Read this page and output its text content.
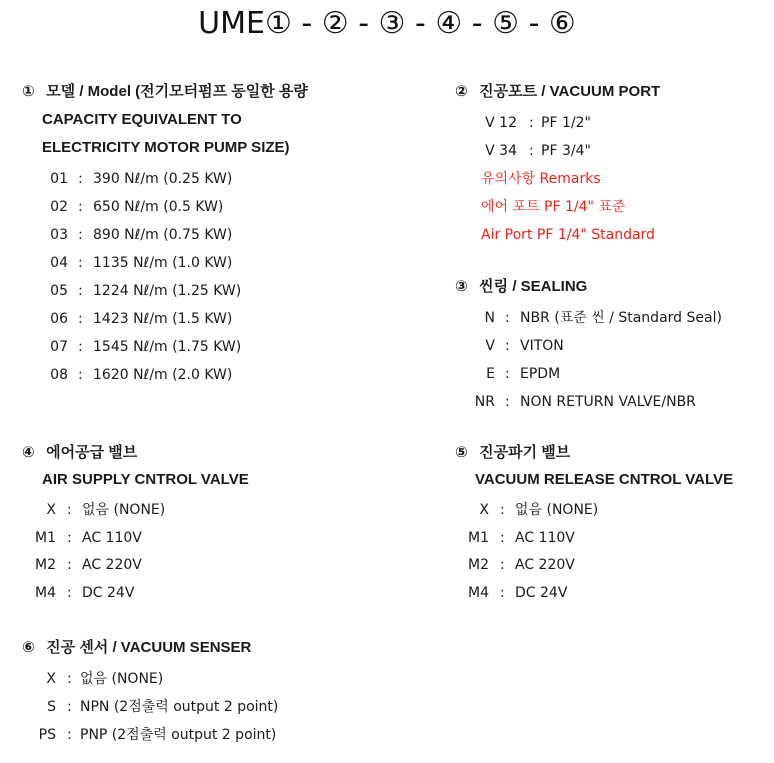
UME① - ② - ③ - ④ - ⑤ - ⑥
① 모델 / Model (전기모터펌프 동일한 용량
CAPACITY EQUIVALENT TO
ELECTRICITY MOTOR PUMP SIZE)
01 : 390 Nℓ/m (0.25 KW)
02 : 650 Nℓ/m (0.5 KW)
03 : 890 Nℓ/m (0.75 KW)
04 : 1135 Nℓ/m (1.0 KW)
05 : 1224 Nℓ/m (1.25 KW)
06 : 1423 Nℓ/m (1.5 KW)
07 : 1545 Nℓ/m (1.75 KW)
08 : 1620 Nℓ/m (2.0 KW)
② 진공포트 / VACUUM PORT
V 12 : PF 1/2"
V 34 : PF 3/4"
유의사항 Remarks
에어 포트 PF 1/4" 표준
Air Port PF 1/4" Standard
③ 씬링 / SEALING
N : NBR (표준 씬 / Standard Seal)
V : VITON
E : EPDM
NR : NON RETURN VALVE/NBR
④ 에어공급 밸브
AIR SUPPLY CNTROL VALVE
X : 없음 (NONE)
M1 : AC 110V
M2 : AC 220V
M4 : DC 24V
⑤ 진공파기 밸브
VACUUM RELEASE CNTROL VALVE
X : 없음 (NONE)
M1 : AC 110V
M2 : AC 220V
M4 : DC 24V
⑥ 진공 센서 / VACUUM SENSER
X : 없음 (NONE)
S : NPN (2점출력 output 2 point)
PS : PNP (2점출력 output 2 point)
